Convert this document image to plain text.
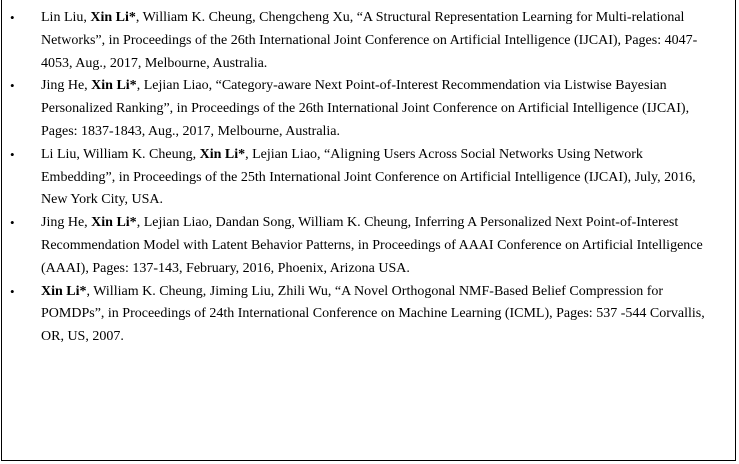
• Lin Liu, Xin Li*, William K. Cheung, Chengcheng Xu, “A Structural Representation Learning for Multi-relational Networks”, in Proceedings of the 26th International Joint Conference on Artificial Intelligence (IJCAI), Pages: 4047-4053, Aug., 2017, Melbourne, Australia.
• Jing He, Xin Li*, Lejian Liao, “Category-aware Next Point-of-Interest Recommendation via Listwise Bayesian Personalized Ranking”, in Proceedings of the 26th International Joint Conference on Artificial Intelligence (IJCAI), Pages: 1837-1843, Aug., 2017, Melbourne, Australia.
• Li Liu, William K. Cheung, Xin Li*, Lejian Liao, “Aligning Users Across Social Networks Using Network Embedding”, in Proceedings of the 25th International Joint Conference on Artificial Intelligence (IJCAI), July, 2016, New York City, USA.
• Jing He, Xin Li*, Lejian Liao, Dandan Song, William K. Cheung, Inferring A Personalized Next Point-of-Interest Recommendation Model with Latent Behavior Patterns, in Proceedings of AAAI Conference on Artificial Intelligence (AAAI), Pages: 137-143, February, 2016, Phoenix, Arizona USA.
• Xin Li*, William K. Cheung, Jiming Liu, Zhili Wu, “A Novel Orthogonal NMF-Based Belief Compression for POMDPs”, in Proceedings of 24th International Conference on Machine Learning (ICML), Pages: 537 -544 Corvallis, OR, US, 2007.
